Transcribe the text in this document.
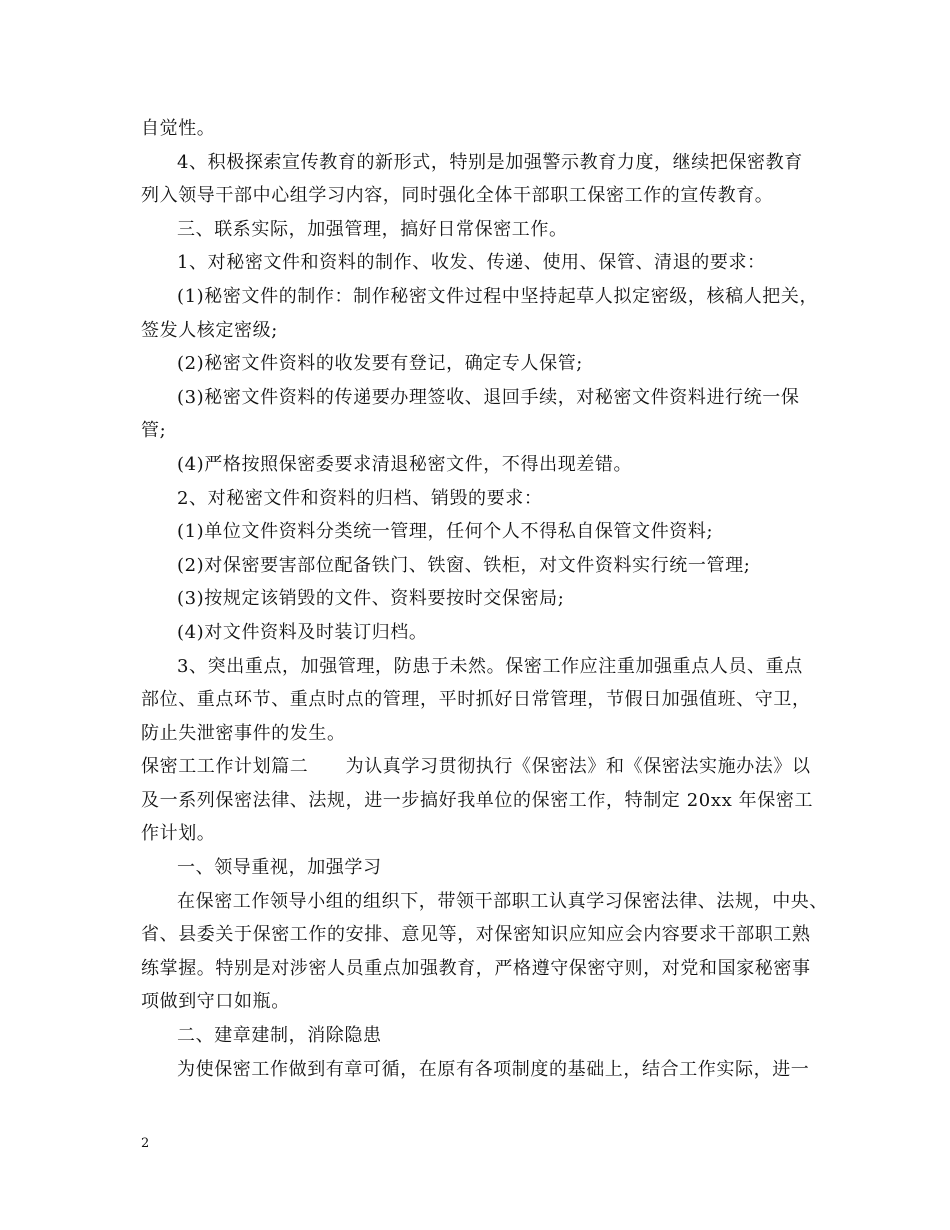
自觉性。
4、积极探索宣传教育的新形式，特别是加强警示教育力度，继续把保密教育
列入领导干部中心组学习内容，同时强化全体干部职工保密工作的宣传教育。
三、联系实际，加强管理，搞好日常保密工作。
1、对秘密文件和资料的制作、收发、传递、使用、保管、清退的要求：
(1)秘密文件的制作：制作秘密文件过程中坚持起草人拟定密级，核稿人把关，
签发人核定密级;
(2)秘密文件资料的收发要有登记，确定专人保管;
(3)秘密文件资料的传递要办理签收、退回手续，对秘密文件资料进行统一保
管;
(4)严格按照保密委要求清退秘密文件，不得出现差错。
2、对秘密文件和资料的归档、销毁的要求：
(1)单位文件资料分类统一管理，任何个人不得私自保管文件资料;
(2)对保密要害部位配备铁门、铁窗、铁柜，对文件资料实行统一管理;
(3)按规定该销毁的文件、资料要按时交保密局;
(4)对文件资料及时装订归档。
3、突出重点，加强管理，防患于未然。保密工作应注重加强重点人员、重点
部位、重点环节、重点时点的管理，平时抓好日常管理，节假日加强值班、守卫，
防止失泄密事件的发生。
保密工工作计划篇二　　为认真学习贯彻执行《保密法》和《保密法实施办法》以
及一系列保密法律、法规，进一步搞好我单位的保密工作，特制定 20xx 年保密工
作计划。
一、领导重视，加强学习
在保密工作领导小组的组织下，带领干部职工认真学习保密法律、法规，中央、
省、县委关于保密工作的安排、意见等，对保密知识应知应会内容要求干部职工熟
练掌握。特别是对涉密人员重点加强教育，严格遵守保密守则，对党和国家秘密事
项做到守口如瓶。
二、建章建制，消除隐患
为使保密工作做到有章可循，在原有各项制度的基础上，结合工作实际，进一
2
